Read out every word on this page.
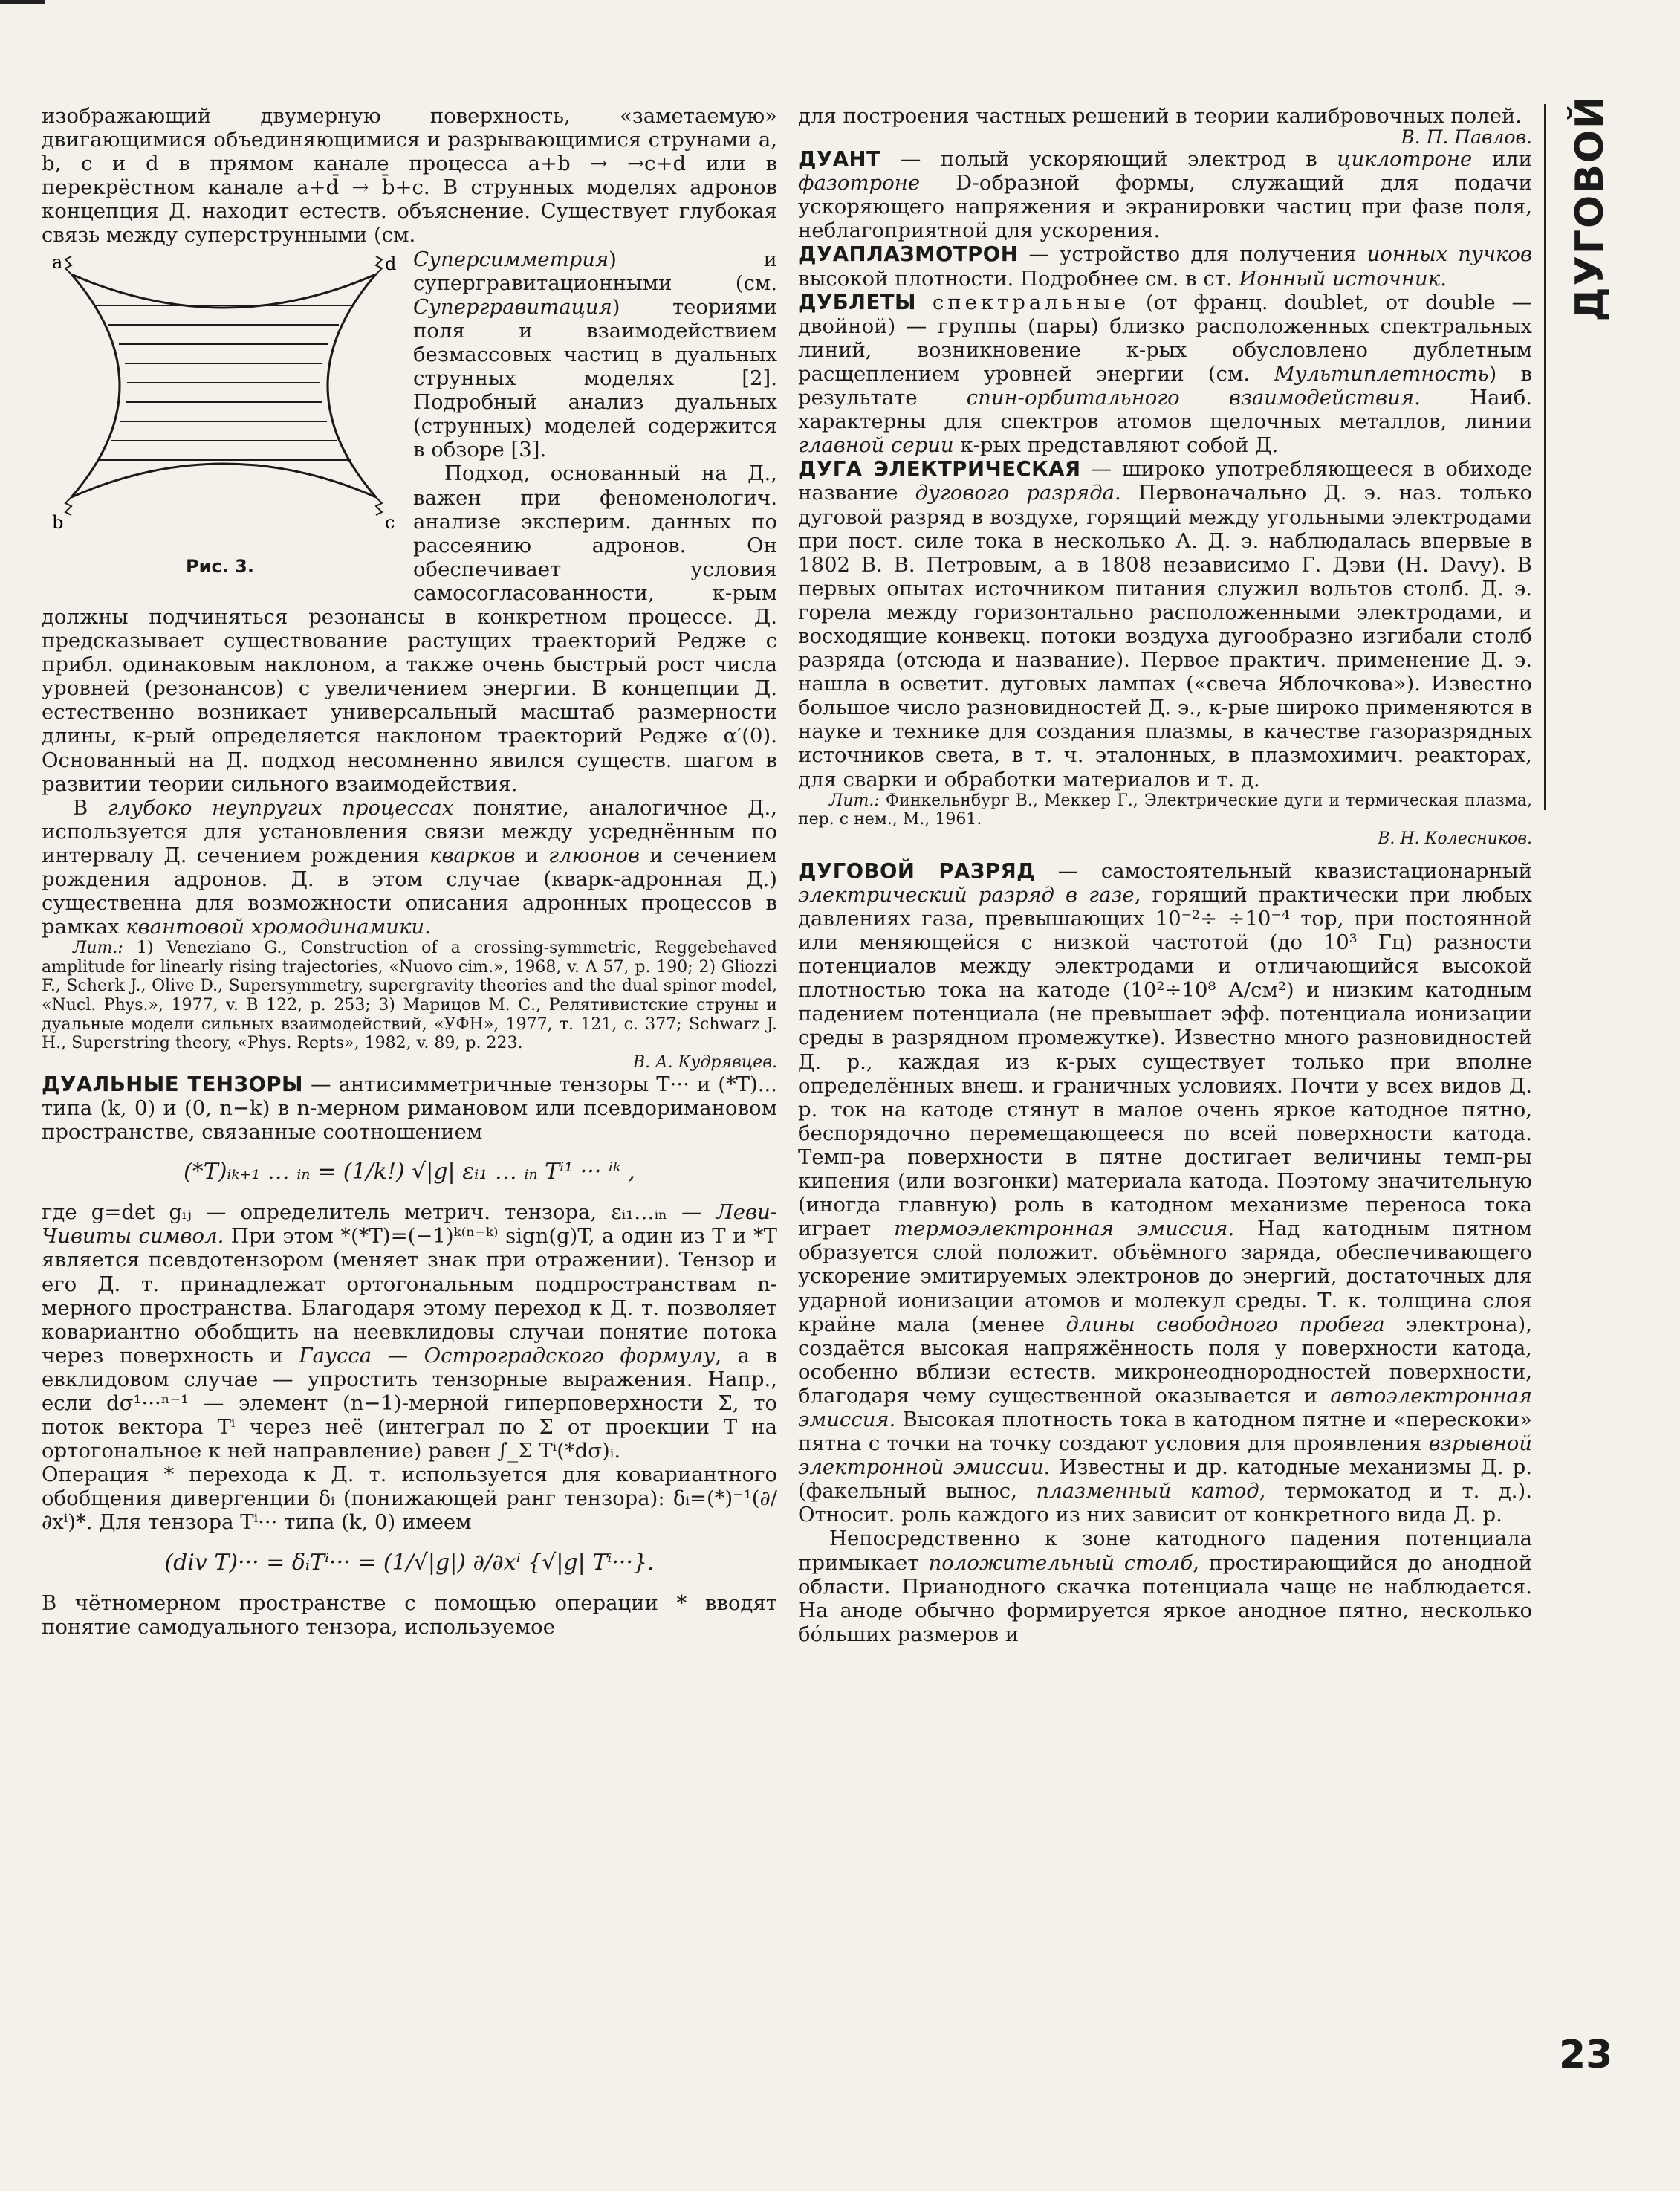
изображающий двумерную поверхность, «заметаемую» двигающимися объединяющимися и разрывающимися струнами a, b, c и d в прямом канале процесса a+b → →c+d или в перекрёстном канале a+d̄ → b̄+c. В струнных моделях адронов концепция Д. находит естеств. объяснение. Существует глубокая связь между суперструнными (см.

a	d
b	c
Рис. 3.

Суперсимметрия) и супергравитационными (см. Супергравитация) теориями поля и взаимодействием безмассовых частиц в дуальных струнных моделях [2]. Подробный анализ дуальных (струнных) моделей содержится в обзоре [3].

Подход, основанный на Д., важен при феноменологич. анализе эксперим. данных по рассеянию адронов. Он обеспечивает условия самосогласованности, к-рым должны подчиняться резонансы в конкретном процессе. Д. предсказывает существование растущих траекторий Редже с прибл. одинаковым наклоном, а также очень быстрый рост числа уровней (резонансов) с увеличением энергии. В концепции Д. естественно возникает универсальный масштаб размерности длины, к-рый определяется наклоном траекторий Редже α′(0). Основанный на Д. подход несомненно явился существ. шагом в развитии теории сильного взаимодействия.

В глубоко неупругих процессах понятие, аналогичное Д., используется для установления связи между усреднённым по интервалу Д. сечением рождения кварков и глюонов и сечением рождения адронов. Д. в этом случае (кварк-адронная Д.) существенна для возможности описания адронных процессов в рамках квантовой хромодинамики.

Лит.: 1) Veneziano G., Construction of a crossing-symmetric, Reggebehaved amplitude for linearly rising trajectories, «Nuovo cim.», 1968, v. A 57, p. 190; 2) Gliozzi F., Scherk J., Olive D., Supersymmetry, supergravity theories and the dual spinor model, «Nucl. Phys.», 1977, v. B 122, p. 253; 3) Марицов М. С., Релятивистские струны и дуальные модели сильных взаимодействий, «УФН», 1977, т. 121, с. 377; Schwarz J. H., Superstring theory, «Phys. Repts», 1982, v. 89, p. 223.

В. А. Кудрявцев.

ДУАЛЬНЫЕ ТЕНЗОРЫ — антисимметричные тензоры T··· и (*T)... типа (k, 0) и (0, n−k) в n-мерном римановом или псевдоримановом пространстве, связанные соотношением

(*T)ᵢₖ₊₁ … ᵢₙ = (1/k!) √|g| εᵢ₁ … ᵢₙ Tⁱ¹ ··· ⁱᵏ ,

где g=det gᵢⱼ — определитель метрич. тензора, εᵢ₁…ᵢₙ — Леви-Чивиты символ. При этом *(*T)=(−1)ᵏ⁽ⁿ⁻ᵏ⁾ sign(g)T, а один из T и *T является псевдотензором (меняет знак при отражении). Тензор и его Д. т. принадлежат ортогональным подпространствам n-мерного пространства. Благодаря этому переход к Д. т. позволяет ковариантно обобщить на неевклидовы случаи понятие потока через поверхность и Гаусса — Остроградского формулу, а в евклидовом случае — упростить тензорные выражения. Напр., если dσ¹···ⁿ⁻¹ — элемент (n−1)-мерной гиперповерхности Σ, то поток вектора Tⁱ через неё (интеграл по Σ от проекции T на ортогональное к ней направление) равен ∫_Σ Tⁱ(*dσ)ᵢ.

Операция * перехода к Д. т. используется для ковариантного обобщения дивергенции δᵢ (понижающей ранг тензора): δᵢ=(*)⁻¹(∂/∂xⁱ)*. Для тензора Tⁱ··· типа (k, 0) имеем

(div T)··· = δᵢTⁱ··· = (1/√|g|) ∂/∂xⁱ {√|g| Tⁱ···}.

В чётномерном пространстве с помощью операции * вводят понятие самодуального тензора, используемое

для построения частных решений в теории калибровочных полей.

В. П. Павлов.

ДУАНТ — полый ускоряющий электрод в циклотроне или фазотроне D-образной формы, служащий для подачи ускоряющего напряжения и экранировки частиц при фазе поля, неблагоприятной для ускорения.

ДУАПЛАЗМОТРОН — устройство для получения ионных пучков высокой плотности. Подробнее см. в ст. Ионный источник.

ДУБЛЕТЫ спектральные (от франц. doublet, от double — двойной) — группы (пары) близко расположенных спектральных линий, возникновение к-рых обусловлено дублетным расщеплением уровней энергии (см. Мультиплетность) в результате спин-орбитального взаимодействия. Наиб. характерны для спектров атомов щелочных металлов, линии главной серии к-рых представляют собой Д.

ДУГА ЭЛЕКТРИЧЕСКАЯ — широко употребляющееся в обиходе название дугового разряда. Первоначально Д. э. наз. только дуговой разряд в воздухе, горящий между угольными электродами при пост. силе тока в несколько А. Д. э. наблюдалась впервые в 1802 В. В. Петровым, а в 1808 независимо Г. Дэви (H. Davy). В первых опытах источником питания служил вольтов столб. Д. э. горела между горизонтально расположенными электродами, и восходящие конвекц. потоки воздуха дугообразно изгибали столб разряда (отсюда и название). Первое практич. применение Д. э. нашла в осветит. дуговых лампах («свеча Яблочкова»). Известно большое число разновидностей Д. э., к-рые широко применяются в науке и технике для создания плазмы, в качестве газоразрядных источников света, в т. ч. эталонных, в плазмохимич. реакторах, для сварки и обработки материалов и т. д.

Лит.: Финкельнбург В., Меккер Г., Электрические дуги и термическая плазма, пер. с нем., М., 1961.

В. Н. Колесников.

ДУГОВОЙ РАЗРЯД — самостоятельный квазистационарный электрический разряд в газе, горящий практически при любых давлениях газа, превышающих 10⁻²÷ ÷10⁻⁴ тор, при постоянной или меняющейся с низкой частотой (до 10³ Гц) разности потенциалов между электродами и отличающийся высокой плотностью тока на катоде (10²÷10⁸ А/см²) и низким катодным падением потенциала (не превышает эфф. потенциала ионизации среды в разрядном промежутке). Известно много разновидностей Д. р., каждая из к-рых существует только при вполне определённых внеш. и граничных условиях. Почти у всех видов Д. р. ток на катоде стянут в малое очень яркое катодное пятно, беспорядочно перемещающееся по всей поверхности катода. Темп-ра поверхности в пятне достигает величины темп-ры кипения (или возгонки) материала катода. Поэтому значительную (иногда главную) роль в катодном механизме переноса тока играет термоэлектронная эмиссия. Над катодным пятном образуется слой положит. объёмного заряда, обеспечивающего ускорение эмитируемых электронов до энергий, достаточных для ударной ионизации атомов и молекул среды. Т. к. толщина слоя крайне мала (менее длины свободного пробега электрона), создаётся высокая напряжённость поля у поверхности катода, особенно вблизи естеств. микронеоднородностей поверхности, благодаря чему существенной оказывается и автоэлектронная эмиссия. Высокая плотность тока в катодном пятне и «перескоки» пятна с точки на точку создают условия для проявления взрывной электронной эмиссии. Известны и др. катодные механизмы Д. р. (факельный вынос, плазменный катод, термокатод и т. д.). Относит. роль каждого из них зависит от конкретного вида Д. р.

Непосредственно к зоне катодного падения потенциала примыкает положительный столб, простирающийся до анодной области. Прианодного скачка потенциала чаще не наблюдается. На аноде обычно формируется яркое анодное пятно, несколько бо́льших размеров и

ДУГОВОЙ
23
